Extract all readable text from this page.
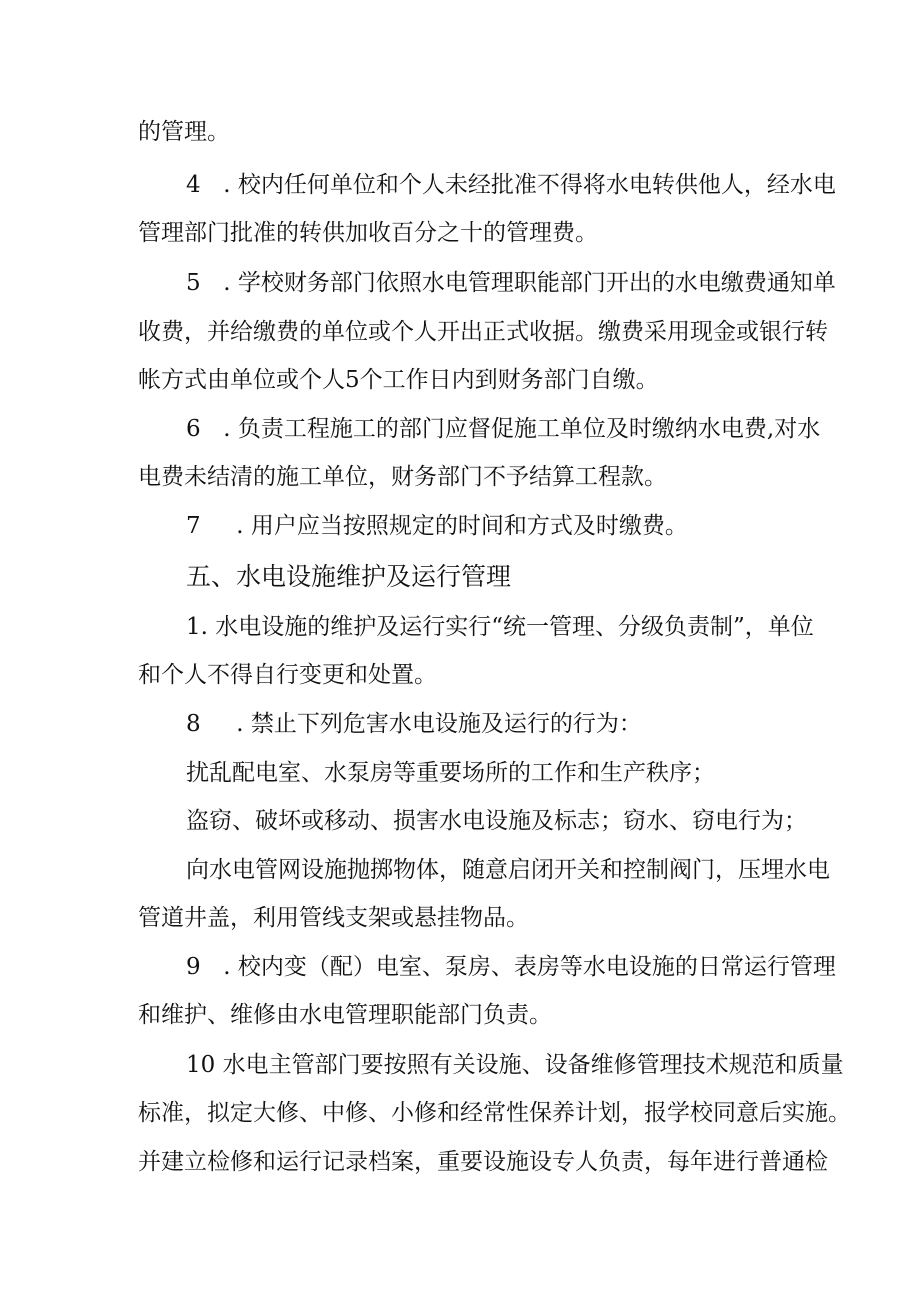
的管理。
4 . 校内任何单位和个人未经批准不得将水电转供他人，经水电
管理部门批准的转供加收百分之十的管理费。
5 . 学校财务部门依照水电管理职能部门开出的水电缴费通知单
收费，并给缴费的单位或个人开出正式收据。缴费采用现金或银行转
帐方式由单位或个人5个工作日内到财务部门自缴。
6 . 负责工程施工的部门应督促施工单位及时缴纳水电费,对水
电费未结清的施工单位，财务部门不予结算工程款。
7 . 用户应当按照规定的时间和方式及时缴费。
五、水电设施维护及运行管理
1. 水电设施的维护及运行实行“统一管理、分级负责制”，单位
和个人不得自行变更和处置。
8 . 禁止下列危害水电设施及运行的行为：
扰乱配电室、水泵房等重要场所的工作和生产秩序；
盗窃、破坏或移动、损害水电设施及标志；窃水、窃电行为；
向水电管网设施抛掷物体，随意启闭开关和控制阀门，压埋水电
管道井盖，利用管线支架或悬挂物品。
9 . 校内变（配）电室、泵房、表房等水电设施的日常运行管理
和维护、维修由水电管理职能部门负责。
10 水电主管部门要按照有关设施、设备维修管理技术规范和质量
标准，拟定大修、中修、小修和经常性保养计划，报学校同意后实施。
并建立检修和运行记录档案，重要设施设专人负责，每年进行普通检
